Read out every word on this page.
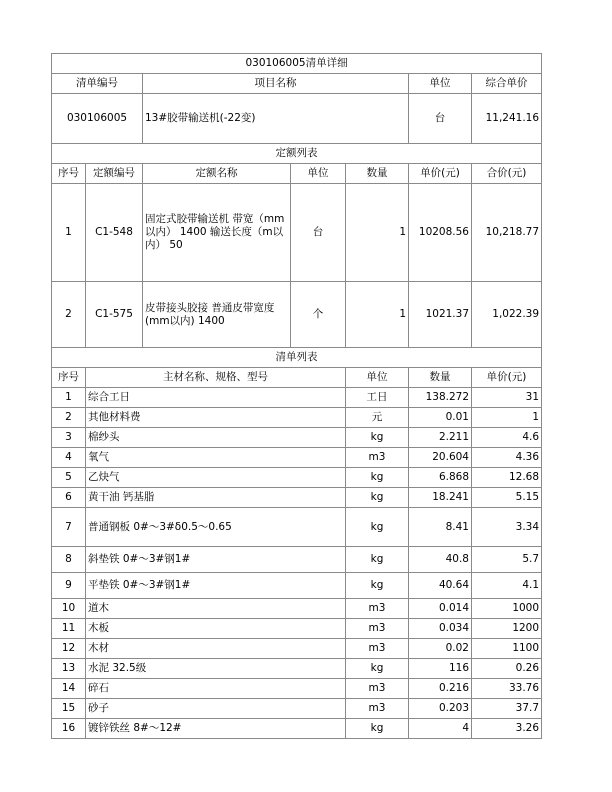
030106005清单详细							
清单编号		项目名称			单位	综合单价	
030106005		13#胶带输送机(-22变)			台	11,241.16	
定额列表							
序号	定额编号	定额名称	单位	数量	单价(元)	合价(元)	
1	C1-548	固定式胶带输送机 带宽（mm以内） 1400 输送长度（m以内） 50	台	1	10208.56	10,218.77	
2	C1-575	皮带接头胶接 普通皮带宽度(mm以内) 1400	个	1	1021.37	1,022.39	
清单列表							
序号	主材名称、规格、型号			单位	数量	单价(元)	
1	综合工日			工日	138.272	31	
2	其他材料费			元	0.01	1	
3	棉纱头			kg	2.211	4.6	
4	氧气			m3	20.604	4.36	
5	乙炔气			kg	6.868	12.68	
6	黄干油 钙基脂			kg	18.241	5.15	
7	普通钢板 0#～3#δ0.5～0.65			kg	8.41	3.34	
8	斜垫铁 0#～3#钢1#			kg	40.8	5.7	
9	平垫铁 0#～3#钢1#			kg	40.64	4.1	
10	道木			m3	0.014	1000	
11	木板			m3	0.034	1200	
12	木材			m3	0.02	1100	
13	水泥 32.5级			kg	116	0.26	
14	碎石			m3	0.216	33.76	
15	砂子			m3	0.203	37.7	
16	镀锌铁丝 8#～12#			kg	4	3.26	
